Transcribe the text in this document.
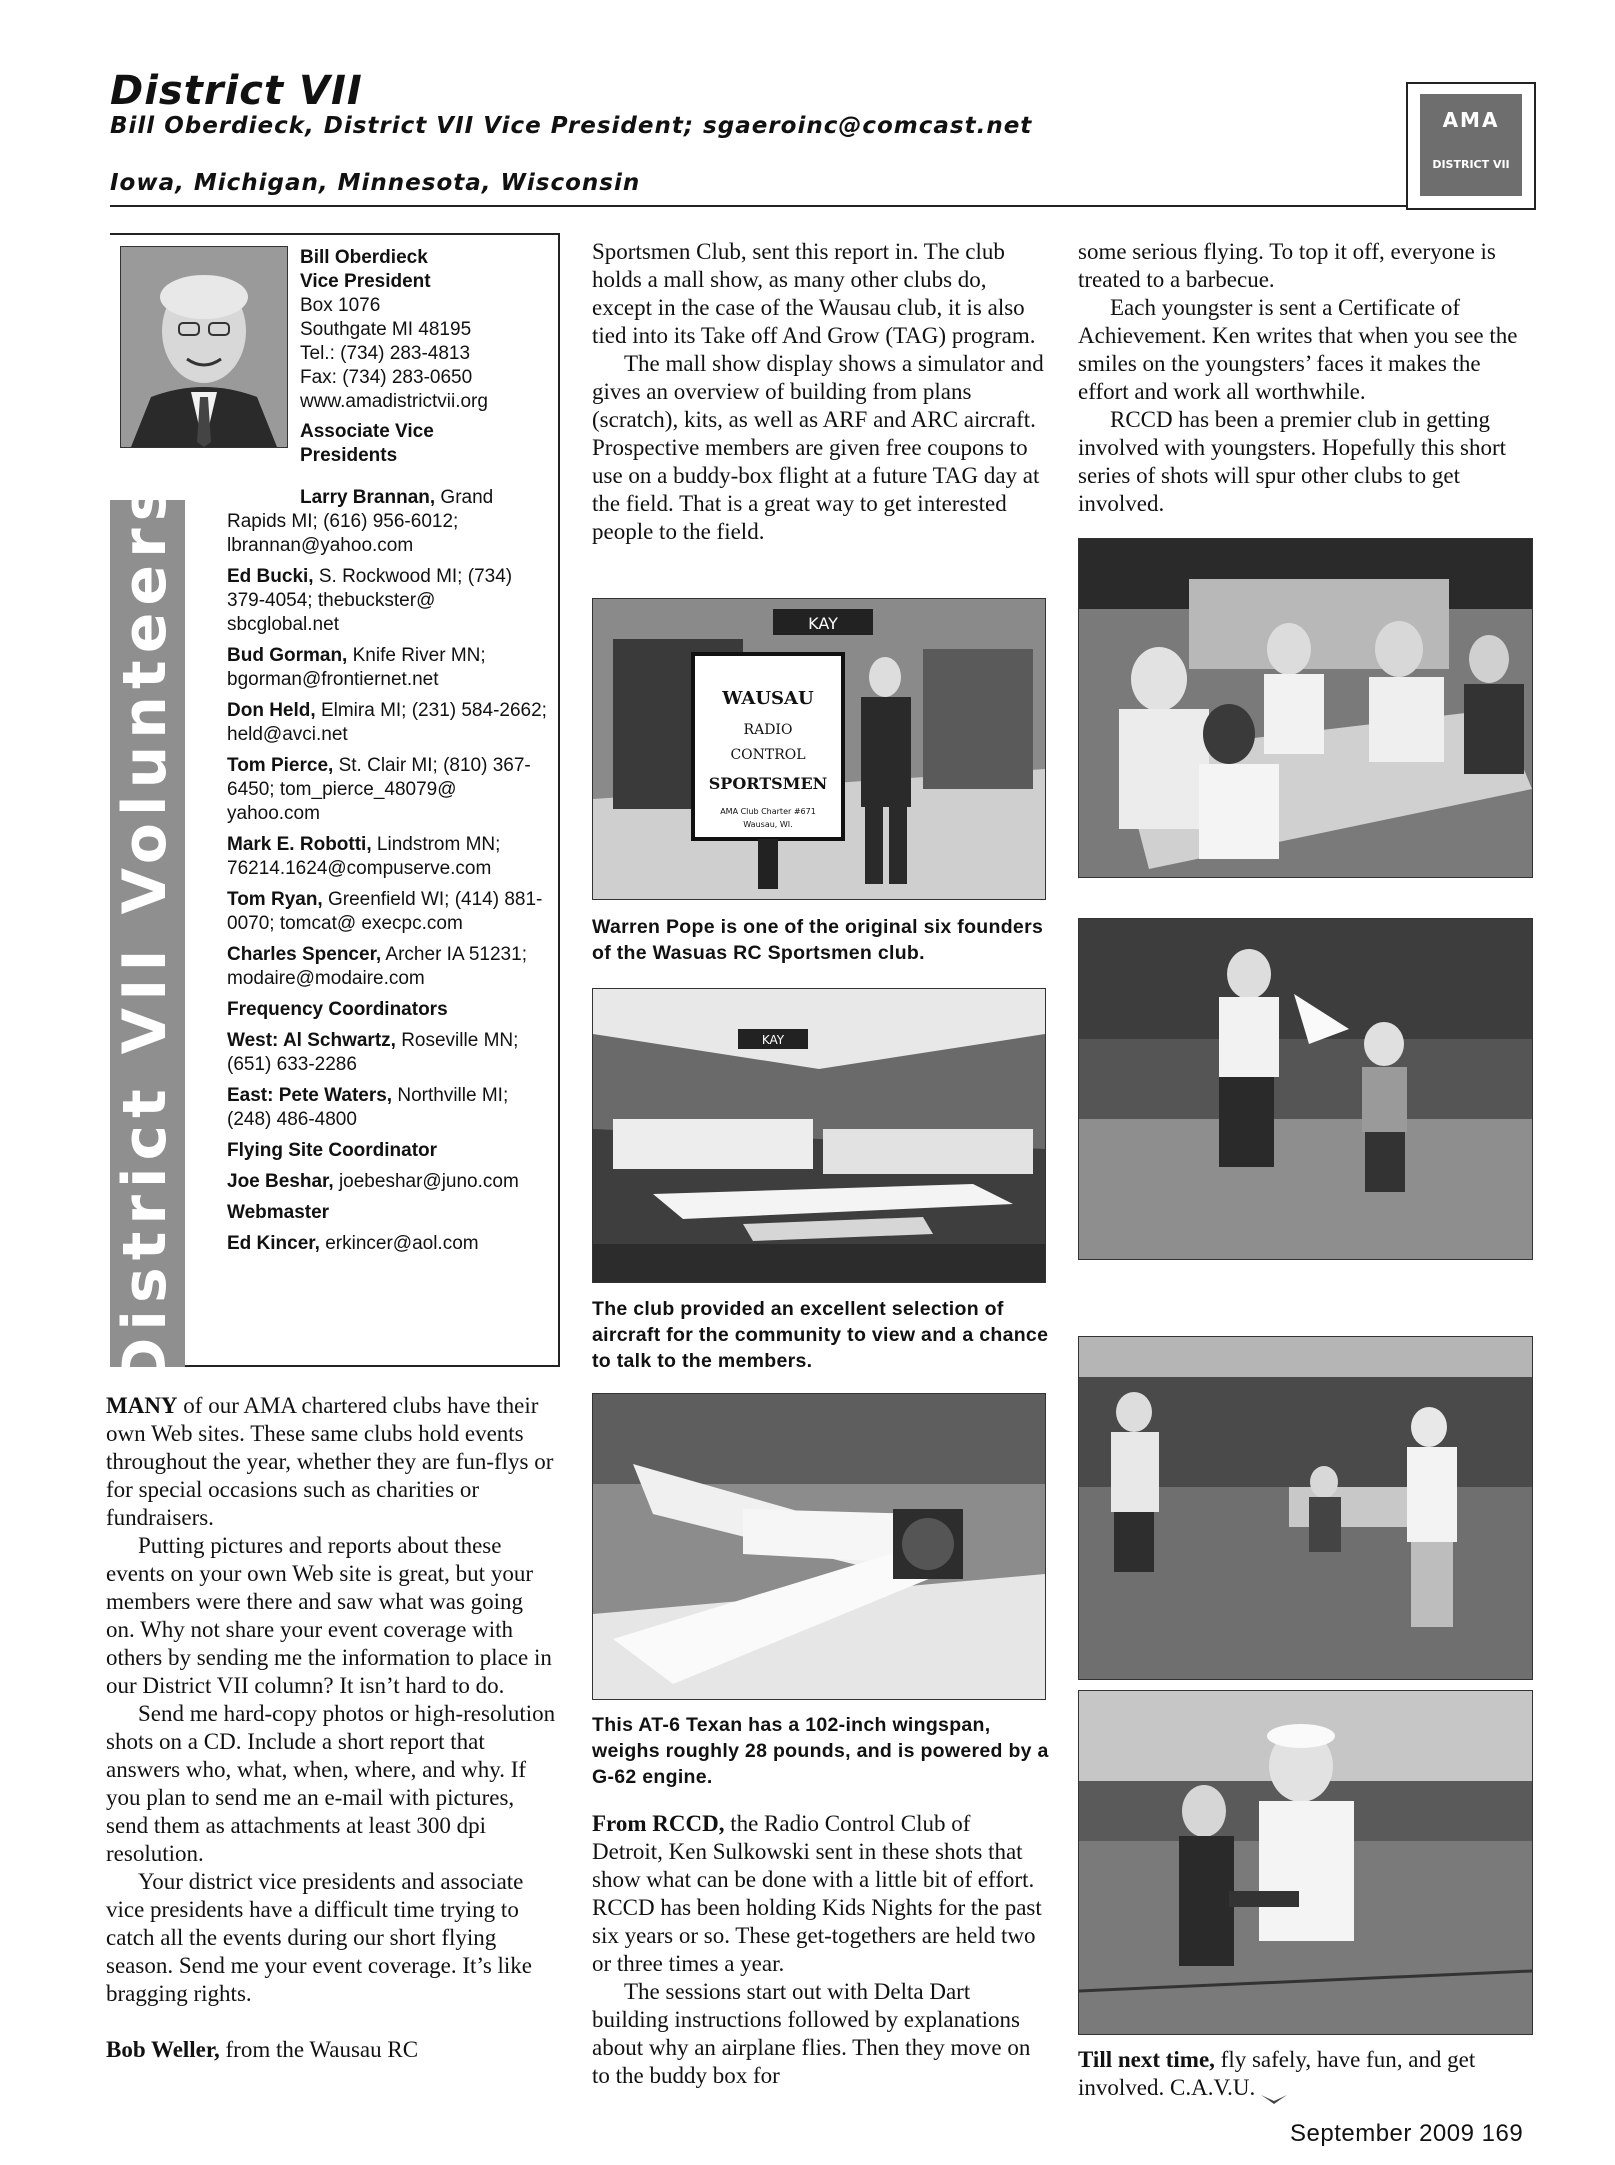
District VII
Bill Oberdieck, District VII Vice President; sgaeroinc@comcast.net
Iowa, Michigan, Minnesota, Wisconsin
AMA
DISTRICT VII
District VII Volunteers
Bill Oberdieck
Vice President
Box 1076
Southgate MI 48195
Tel.: (734) 283-4813
Fax: (734) 283-0650
www.amadistrictvii.org
Associate Vice
Presidents
Larry Brannan, Grand Rapids MI; (616) 956-6012; lbrannan@yahoo.com
Ed Bucki, S. Rockwood MI; (734) 379-4054; thebuckster@ sbcglobal.net
Bud Gorman, Knife River MN; bgorman@frontiernet.net
Don Held, Elmira MI; (231) 584-2662; held@avci.net
Tom Pierce, St. Clair MI; (810) 367-6450; tom_pierce_48079@ yahoo.com
Mark E. Robotti, Lindstrom MN; 76214.1624@compuserve.com
Tom Ryan, Greenfield WI; (414) 881-0070; tomcat@ execpc.com
Charles Spencer, Archer IA 51231; modaire@modaire.com
Frequency Coordinators
West: Al Schwartz, Roseville MN; (651) 633-2286
East: Pete Waters, Northville MI; (248) 486-4800
Flying Site Coordinator
Joe Beshar, joebeshar@juno.com
Webmaster
Ed Kincer, erkincer@aol.com

MANY of our AMA chartered clubs have their own Web sites. These same clubs hold events throughout the year, whether they are fun-flys or for special occasions such as charities or fundraisers.

Putting pictures and reports about these events on your own Web site is great, but your members were there and saw what was going on. Why not share your event coverage with others by sending me the information to place in our District VII column? It isn’t hard to do.

Send me hard-copy photos or high-resolution shots on a CD. Include a short report that answers who, what, when, where, and why. If you plan to send me an e-mail with pictures, send them as attachments at least 300 dpi resolution.

Your district vice presidents and associate vice presidents have a difficult time trying to catch all the events during our short flying season. Send me your event coverage. It’s like bragging rights.

Bob Weller, from the Wausau RC

Sportsmen Club, sent this report in. The club holds a mall show, as many other clubs do, except in the case of the Wausau club, it is also tied into its Take off And Grow (TAG) program.

The mall show display shows a simulator and gives an overview of building from plans (scratch), kits, as well as ARF and ARC aircraft. Prospective members are given free coupons to use on a buddy-box flight at a future TAG day at the field. That is a great way to get interested people to the field.

KAY
WAUSAU
RADIO
CONTROL
SPORTSMEN
AMA Club Charter #671
Wausau, WI.
Warren Pope is one of the original six founders of the Wasuas RC Sportsmen club.
KAY
The club provided an excellent selection of aircraft for the community to view and a chance to talk to the members.
This AT-6 Texan has a 102-inch wingspan, weighs roughly 28 pounds, and is powered by a G-62 engine.

From RCCD, the Radio Control Club of Detroit, Ken Sulkowski sent in these shots that show what can be done with a little bit of effort. RCCD has been holding Kids Nights for the past six years or so. These get-togethers are held two or three times a year.

The sessions start out with Delta Dart building instructions followed by explanations about why an airplane flies. Then they move on to the buddy box for

some serious flying. To top it off, everyone is treated to a barbecue.

Each youngster is sent a Certificate of Achievement. Ken writes that when you see the smiles on the youngsters’ faces it makes the effort and work all worthwhile.

RCCD has been a premier club in getting involved with youngsters. Hopefully this short series of shots will spur other clubs to get involved.

Till next time, fly safely, have fun, and get involved. C.A.V.U.

September 2009 169
